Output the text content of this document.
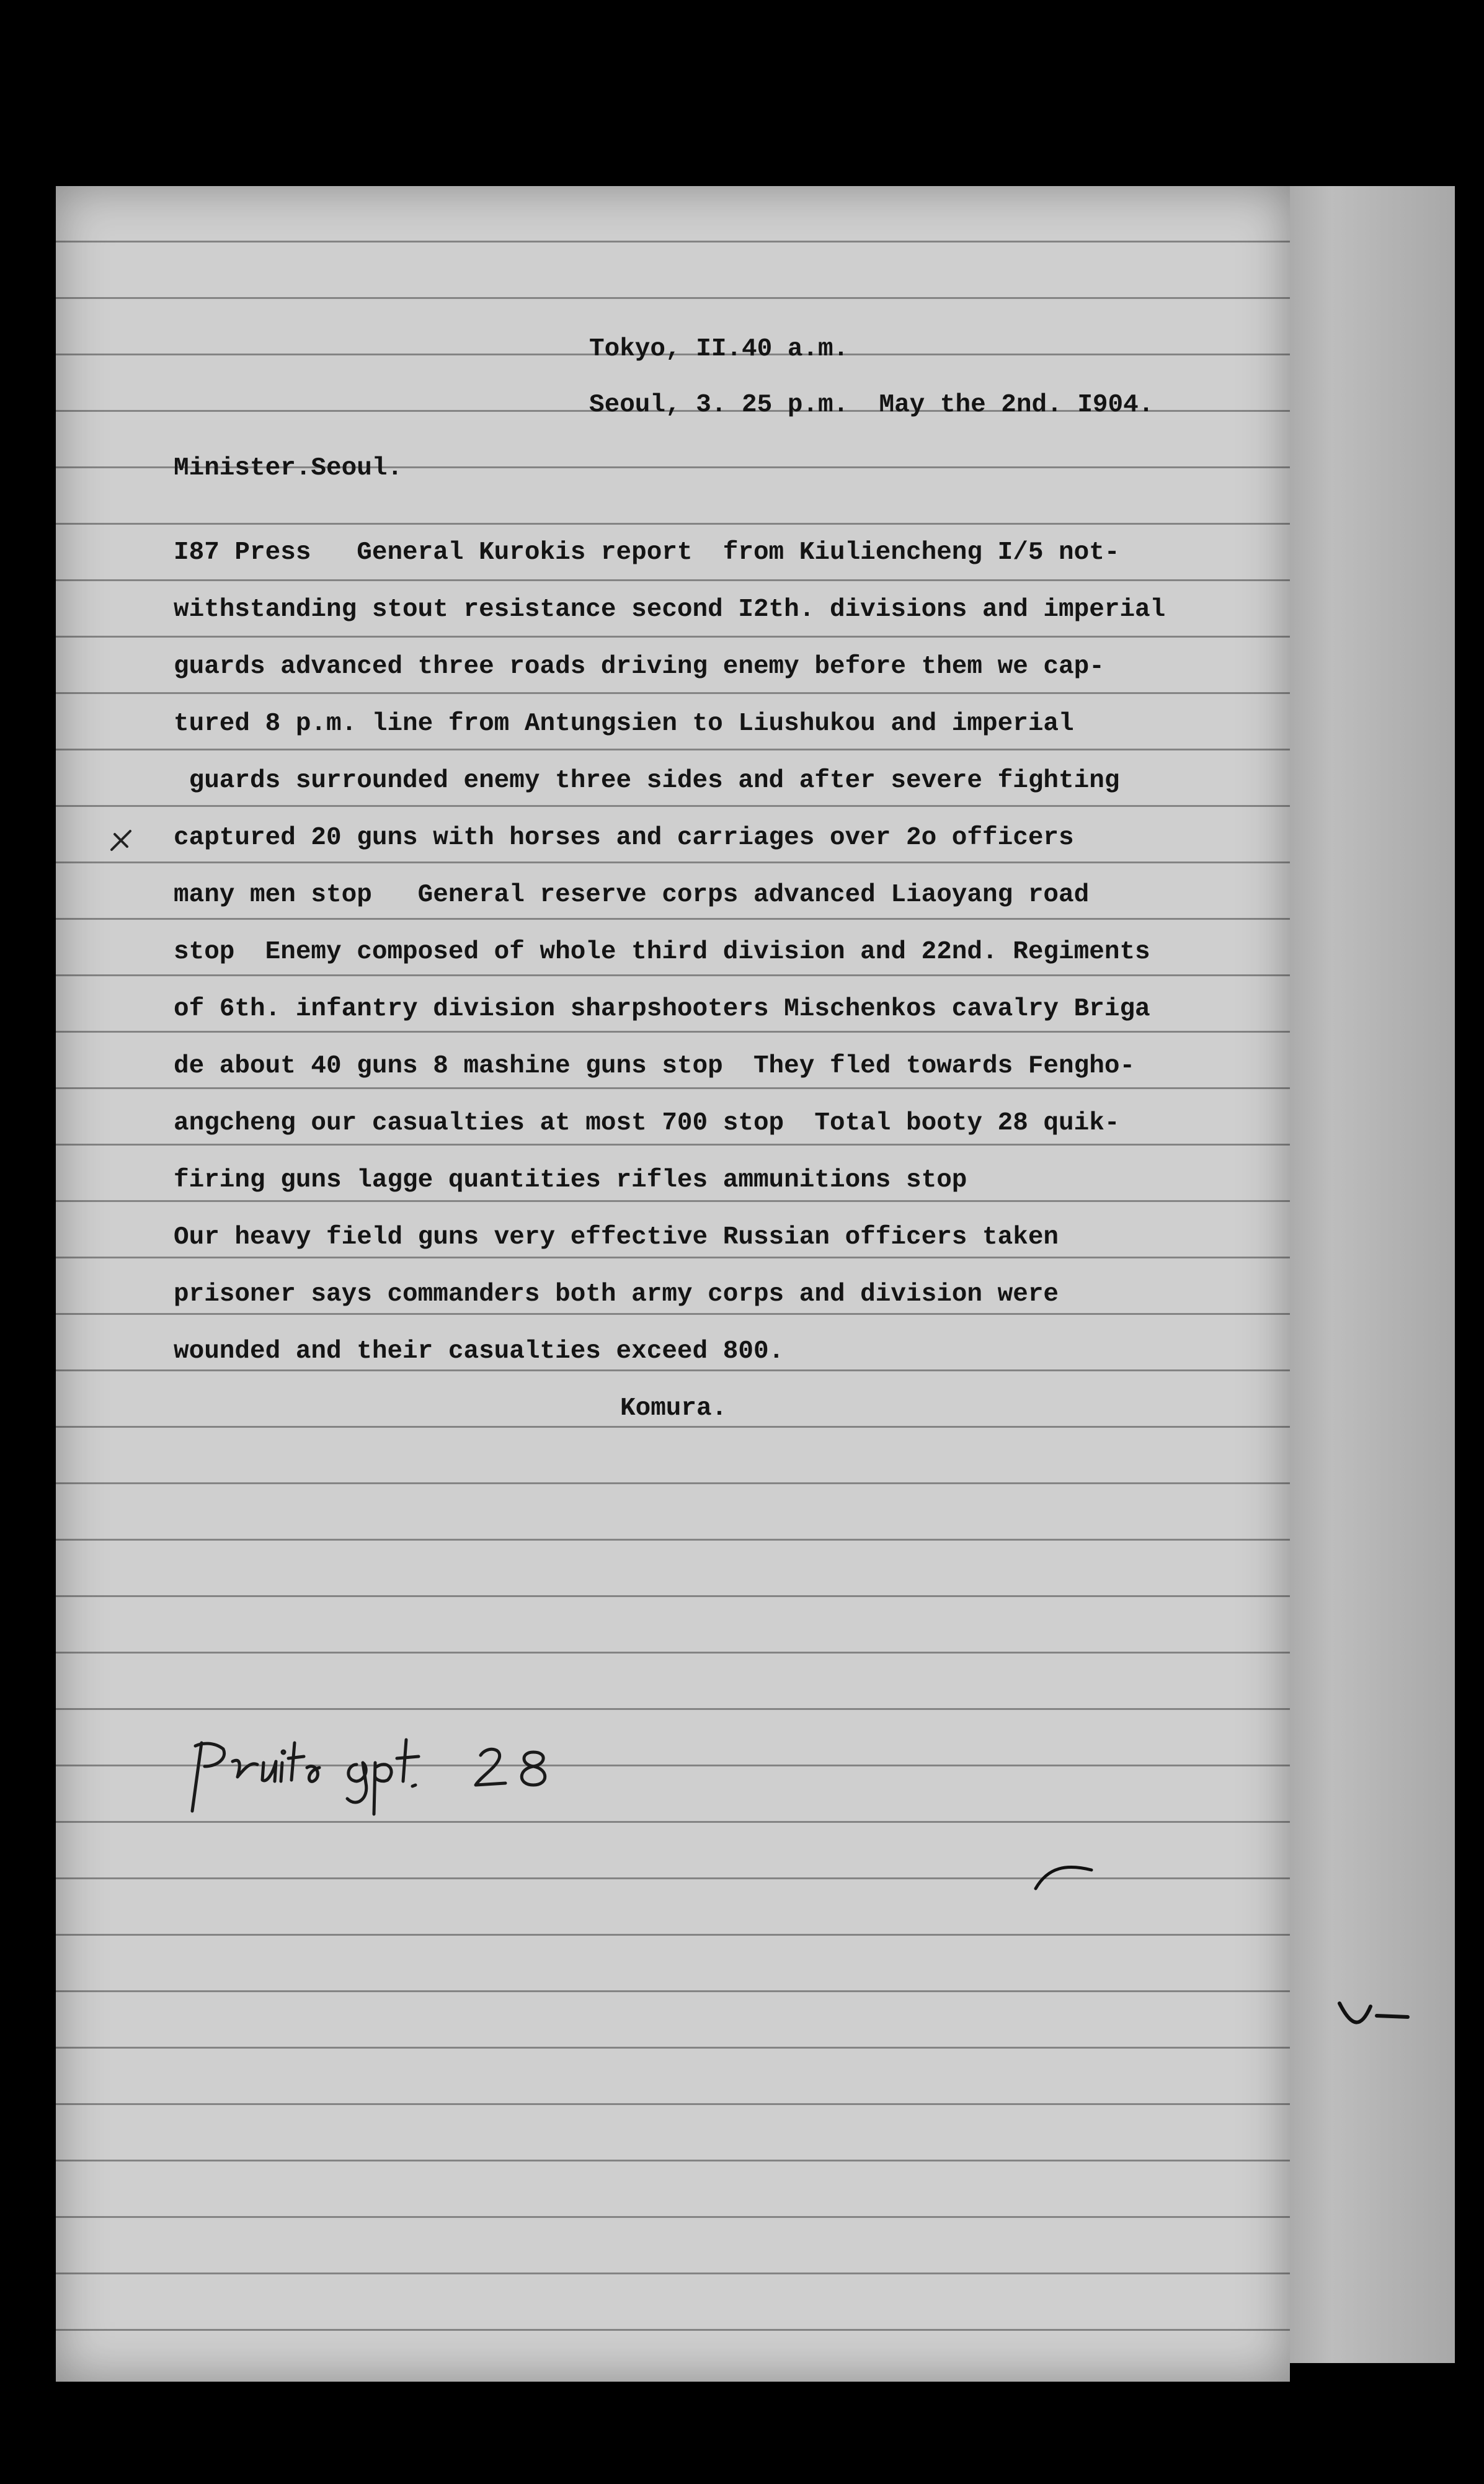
Tokyo, II.40 a.m.
Seoul, 3. 25 p.m.  May the 2nd. I904.
Minister.Seoul.
I87 Press   General Kurokis report  from Kiuliencheng I/5 not-
withstanding stout resistance second I2th. divisions and imperial
guards advanced three roads driving enemy before them we cap-
tured 8 p.m. line from Antungsien to Liushukou and imperial
guards surrounded enemy three sides and after severe fighting
captured 20 guns with horses and carriages over 2o officers
many men stop   General reserve corps advanced Liaoyang road
stop  Enemy composed of whole third division and 22nd. Regiments
of 6th. infantry division sharpshooters Mischenkos cavalry Briga
de about 40 guns 8 mashine guns stop  They fled towards Fengho-
angcheng our casualties at most 700 stop  Total booty 28 quik-
firing guns lagge quantities rifles ammunitions stop
Our heavy field guns very effective Russian officers taken
prisoner says commanders both army corps and division were
wounded and their casualties exceed 800.
Komura.
